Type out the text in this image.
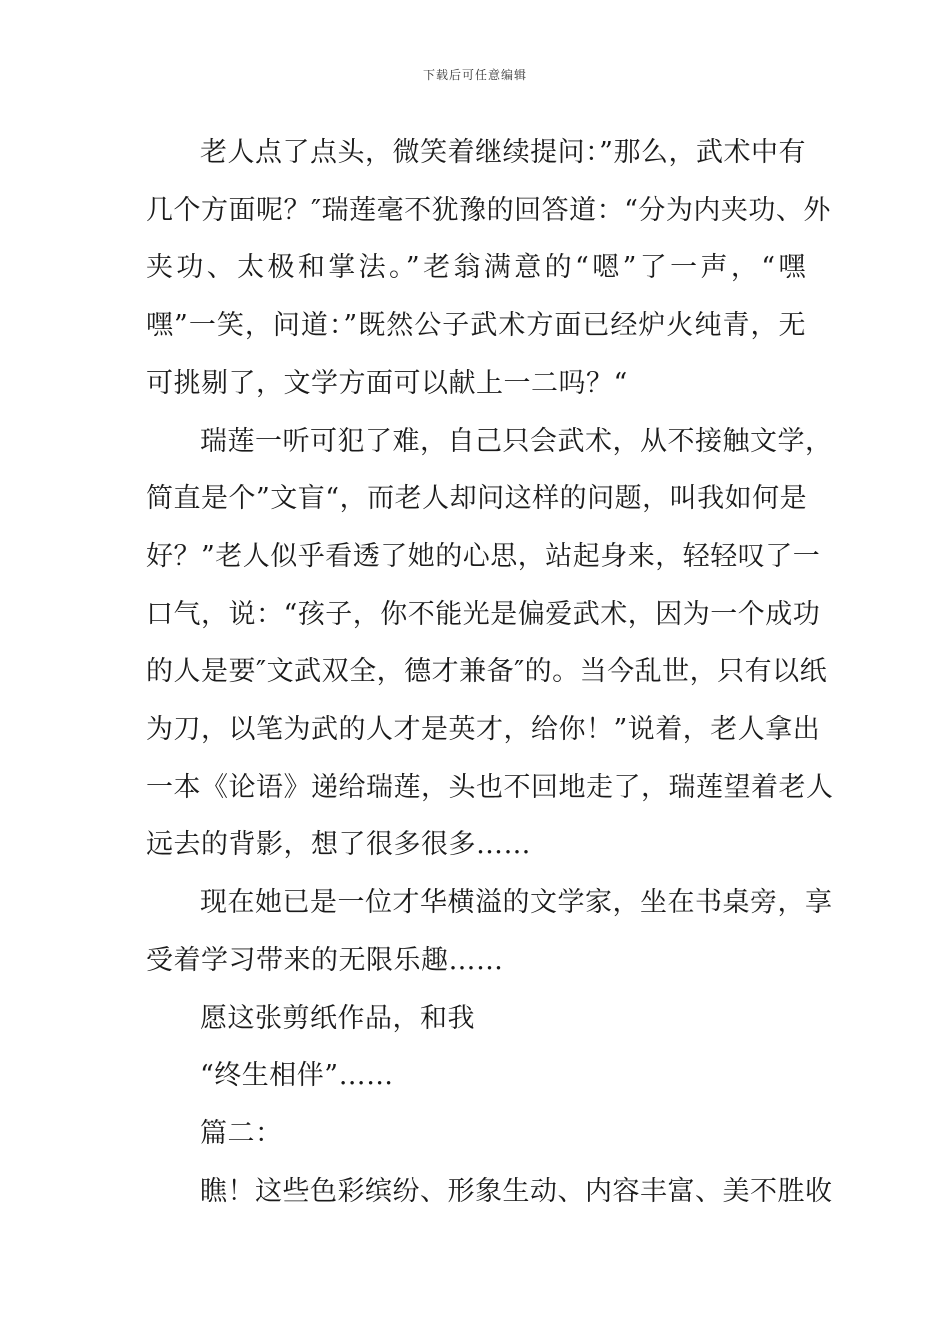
下载后可任意编辑
老人点了点头，微笑着继续提问：”那么，武术中有
几个方面呢？″瑞莲毫不犹豫的回答道：“分为内夹功、外
夹功、太极和掌法。”老翁满意的“嗯”了一声，“嘿
嘿”一笑，问道：”既然公子武术方面已经炉火纯青，无
可挑剔了，文学方面可以献上一二吗？“
瑞莲一听可犯了难，自己只会武术，从不接触文学，
简直是个”文盲“，而老人却问这样的问题，叫我如何是
好？”老人似乎看透了她的心思，站起身来，轻轻叹了一
口气，说：“孩子，你不能光是偏爱武术，因为一个成功
的人是要″文武双全，德才兼备″的。当今乱世，只有以纸
为刀，以笔为武的人才是英才，给你！”说着，老人拿出
一本《论语》递给瑞莲，头也不回地走了，瑞莲望着老人
远去的背影，想了很多很多……
现在她已是一位才华横溢的文学家，坐在书桌旁，享
受着学习带来的无限乐趣……
愿这张剪纸作品，和我
“终生相伴”……
篇二：
瞧！这些色彩缤纷、形象生动、内容丰富、美不胜收
